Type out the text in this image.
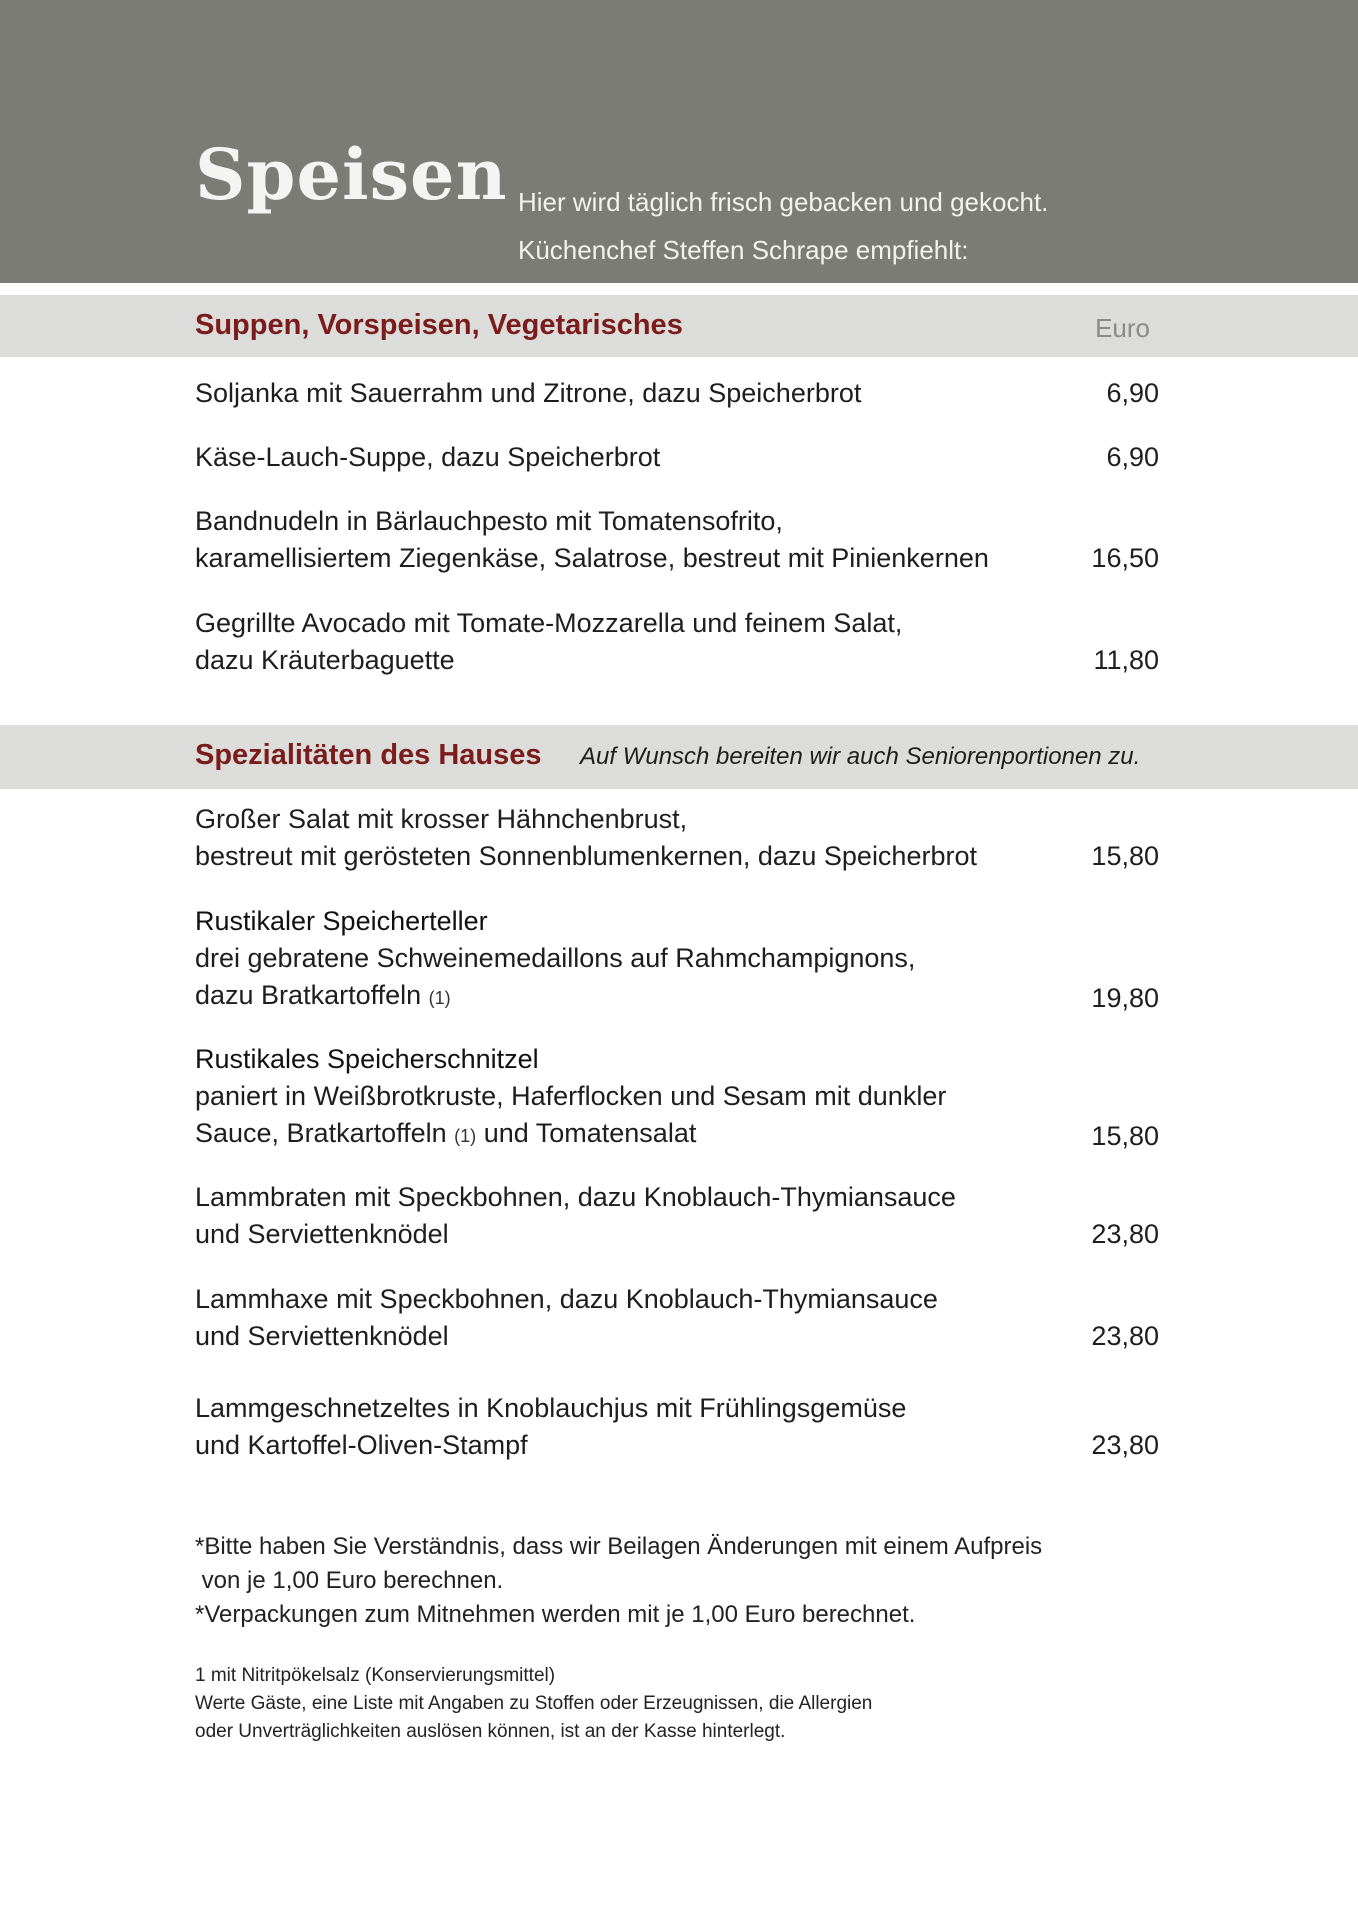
Speisen Hier wird täglich frisch gebacken und gekocht.
Küchenchef Steffen Schrape empfiehlt:
Suppen, Vorspeisen, Vegetarisches	Euro
Soljanka mit Sauerrahm und Zitrone, dazu Speicherbrot	6,90
Käse-Lauch-Suppe, dazu Speicherbrot	6,90
Bandnudeln in Bärlauchpesto mit Tomatensofrito,
karamellisiertem Ziegenkäse, Salatrose, bestreut mit Pinienkernen	16,50
Gegrillte Avocado mit Tomate-Mozzarella und feinem Salat,
dazu Kräuterbaguette	11,80
Spezialitäten des Hauses Auf Wunsch bereiten wir auch Seniorenportionen zu.
Großer Salat mit krosser Hähnchenbrust,
bestreut mit gerösteten Sonnenblumenkernen, dazu Speicherbrot	15,80
Rustikaler Speicherteller
drei gebratene Schweinemedaillons auf Rahmchampignons,
dazu Bratkartoffeln (1)	19,80
Rustikales Speicherschnitzel
paniert in Weißbrotkruste, Haferflocken und Sesam mit dunkler
Sauce, Bratkartoffeln (1) und Tomatensalat	15,80
Lammbraten mit Speckbohnen, dazu Knoblauch-Thymiansauce
und Serviettenknödel	23,80
Lammhaxe mit Speckbohnen, dazu Knoblauch-Thymiansauce
und Serviettenknödel	23,80
Lammgeschnetzeltes in Knoblauchjus mit Frühlingsgemüse
und Kartoffel-Oliven-Stampf	23,80
*Bitte haben Sie Verständnis, dass wir Beilagen Änderungen mit einem Aufpreis
von je 1,00 Euro berechnen.
*Verpackungen zum Mitnehmen werden mit je 1,00 Euro berechnet.
1 mit Nitritpökelsalz (Konservierungsmittel)
Werte Gäste, eine Liste mit Angaben zu Stoffen oder Erzeugnissen, die Allergien
oder Unverträglichkeiten auslösen können, ist an der Kasse hinterlegt.
